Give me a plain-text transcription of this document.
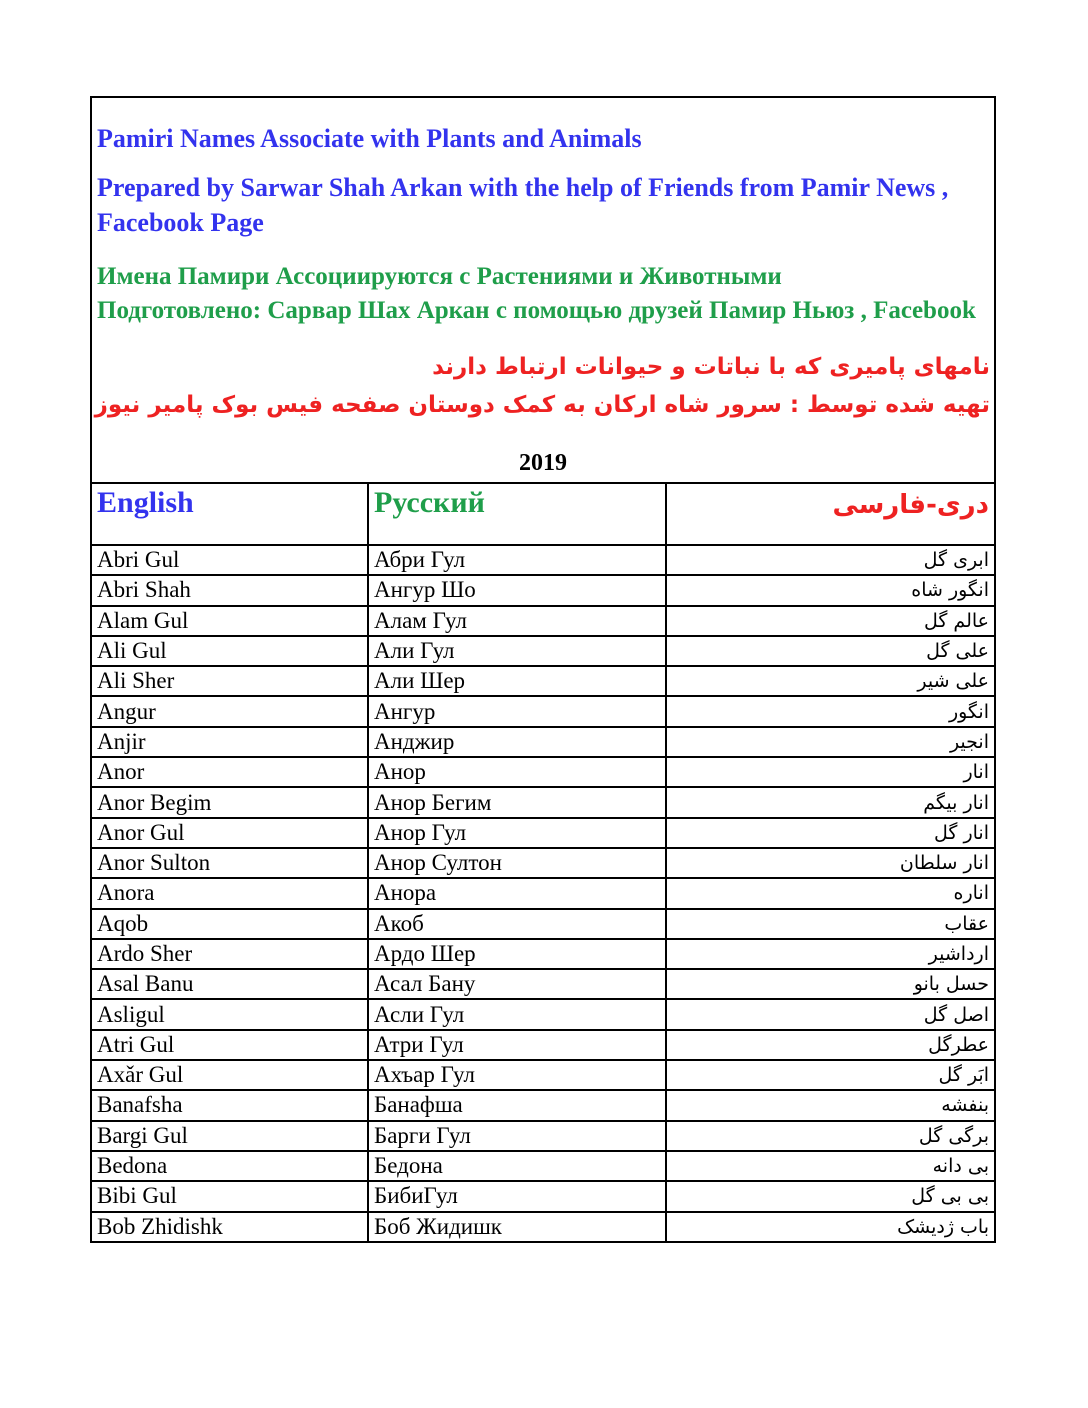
Pamiri Names Associate with Plants and Animals

Prepared by Sarwar Shah Arkan with the help of Friends from Pamir News , Facebook Page

Имена Памири Ассоциируются с Растениями и Животными

Подготовлено: Сарвар Шах Аркан с помощью друзей Памир Ньюз , Facebook

نامهای پامیری که با نباتات و حیوانات ارتباط دارند

تهیه شده توسط : سرور شاه ارکان به کمک دوستان صفحه فیس بوک پامیر نیوز

2019
English	Русский	دری-فارسی
Abri Gul	Абри Гул	ابری گل
Abri Shah	Ангур Шо	انگور شاه
Alam Gul	Алам Гул	عالم گل
Ali Gul	Али Гул	علی گل
Ali Sher	Али Шер	علی شیر
Angur	Ангур	انگور
Anjir	Анджир	انجیر
Anor	Анор	انار
Anor Begim	Анор Бегим	انار بیگم
Anor Gul	Анор Гул	انار گل
Anor Sulton	Анор Султон	انار سلطان
Anora	Анора	اناره
Aqob	Акоб	عقاب
Ardo Sher	Ардо Шер	ارداشیر
Asal Banu	Асал Бану	حسل بانو
Asligul	Асли Гул	اصل گل
Atri Gul	Атри Гул	عطرگل
Axǎr Gul	Ахъар Гул	ابَر گل
Banafsha	Банафша	بنفشه
Bargi Gul	Барги Гул	برگی گل
Bedona	Бедона	بی دانه
Bibi Gul	БибиГул	بی بی گل
Bob Zhidishk	Боб Жидишк	باب ژدیشک
